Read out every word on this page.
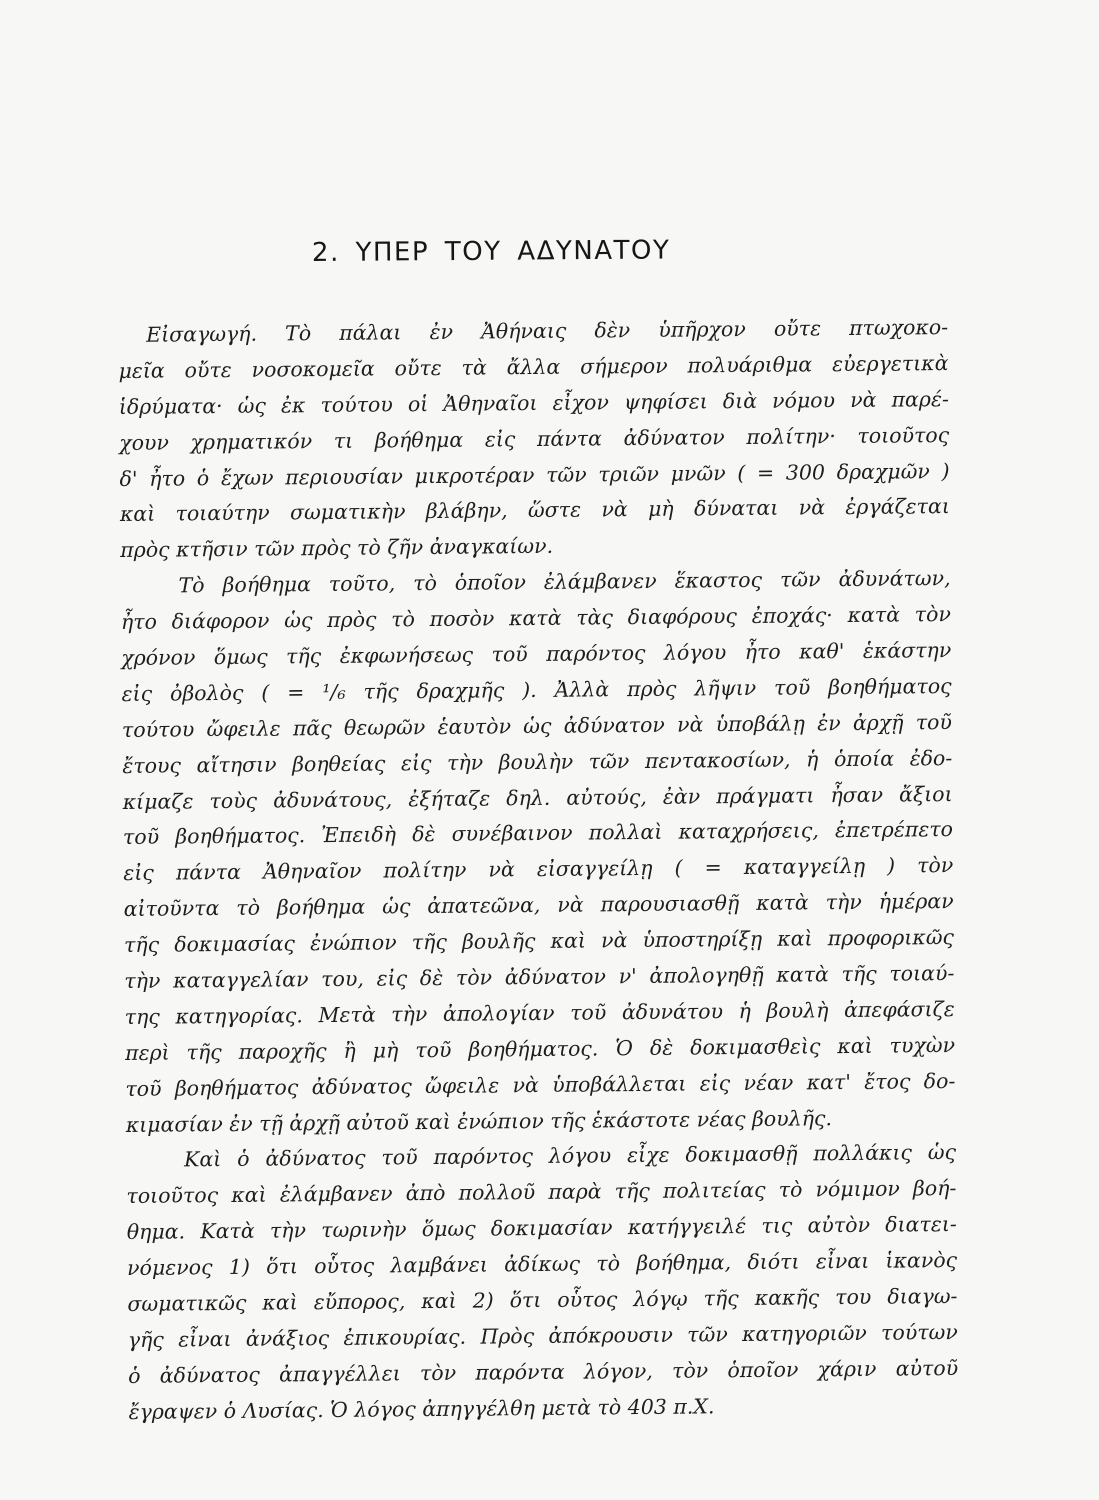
2. ΥΠΕΡ ΤΟΥ ΑΔΥΝΑΤΟΥ
Εἰσαγωγή. Τὸ πάλαι ἐν Ἀθήναις δὲν ὑπῆρχον οὔτε πτωχοκο-
μεῖα οὔτε νοσοκομεῖα οὔτε τὰ ἄλλα σήμερον πολυάριθμα εὐεργετικὰ
ἱδρύματα· ὡς ἐκ τούτου οἱ Ἀθηναῖοι εἶχον ψηφίσει διὰ νόμου νὰ παρέ-
χουν χρηματικόν τι βοήθημα εἰς πάντα ἀδύνατον πολίτην· τοιοῦτος
δ' ἦτο ὁ ἔχων περιουσίαν μικροτέραν τῶν τριῶν μνῶν ( = 300 δραχμῶν )
καὶ τοιαύτην σωματικὴν βλάβην, ὥστε νὰ μὴ δύναται νὰ ἐργάζεται
πρὸς κτῆσιν τῶν πρὸς τὸ ζῆν ἀναγκαίων.
Τὸ βοήθημα τοῦτο, τὸ ὁποῖον ἐλάμβανεν ἕκαστος τῶν ἀδυνάτων,
ἦτο διάφορον ὡς πρὸς τὸ ποσὸν κατὰ τὰς διαφόρους ἐποχάς· κατὰ τὸν
χρόνον ὅμως τῆς ἐκφωνήσεως τοῦ παρόντος λόγου ἦτο καθ' ἑκάστην
εἰς ὀβολὸς ( = ¹/₆ τῆς δραχμῆς ). Ἀλλὰ πρὸς λῆψιν τοῦ βοηθήματος
τούτου ὤφειλε πᾶς θεωρῶν ἑαυτὸν ὡς ἀδύνατον νὰ ὑποβάλῃ ἐν ἀρχῇ τοῦ
ἔτους αἴτησιν βοηθείας εἰς τὴν βουλὴν τῶν πεντακοσίων, ἡ ὁποία ἐδο-
κίμαζε τοὺς ἀδυνάτους, ἐξήταζε δηλ. αὐτούς, ἐὰν πράγματι ἦσαν ἄξιοι
τοῦ βοηθήματος. Ἐπειδὴ δὲ συνέβαινον πολλαὶ καταχρήσεις, ἐπετρέπετο
εἰς πάντα Ἀθηναῖον πολίτην νὰ εἰσαγγείλῃ ( = καταγγείλῃ ) τὸν
αἰτοῦντα τὸ βοήθημα ὡς ἀπατεῶνα, νὰ παρουσιασθῇ κατὰ τὴν ἡμέραν
τῆς δοκιμασίας ἐνώπιον τῆς βουλῆς καὶ νὰ ὑποστηρίξῃ καὶ προφορικῶς
τὴν καταγγελίαν του, εἰς δὲ τὸν ἀδύνατον ν' ἀπολογηθῇ κατὰ τῆς τοιαύ-
της κατηγορίας. Μετὰ τὴν ἀπολογίαν τοῦ ἀδυνάτου ἡ βουλὴ ἀπεφάσιζε
περὶ τῆς παροχῆς ἢ μὴ τοῦ βοηθήματος. Ὁ δὲ δοκιμασθεὶς καὶ τυχὼν
τοῦ βοηθήματος ἀδύνατος ὤφειλε νὰ ὑποβάλλεται εἰς νέαν κατ' ἔτος δο-
κιμασίαν ἐν τῇ ἀρχῇ αὐτοῦ καὶ ἐνώπιον τῆς ἑκάστοτε νέας βουλῆς.
Καὶ ὁ ἀδύνατος τοῦ παρόντος λόγου εἶχε δοκιμασθῇ πολλάκις ὡς
τοιοῦτος καὶ ἐλάμβανεν ἀπὸ πολλοῦ παρὰ τῆς πολιτείας τὸ νόμιμον βοή-
θημα. Κατὰ τὴν τωρινὴν ὅμως δοκιμασίαν κατήγγειλέ τις αὐτὸν διατει-
νόμενος 1) ὅτι οὗτος λαμβάνει ἀδίκως τὸ βοήθημα, διότι εἶναι ἱκανὸς
σωματικῶς καὶ εὔπορος, καὶ 2) ὅτι οὗτος λόγῳ τῆς κακῆς του διαγω-
γῆς εἶναι ἀνάξιος ἐπικουρίας. Πρὸς ἀπόκρουσιν τῶν κατηγοριῶν τούτων
ὁ ἀδύνατος ἀπαγγέλλει τὸν παρόντα λόγον, τὸν ὁποῖον χάριν αὐτοῦ
ἔγραψεν ὁ Λυσίας. Ὁ λόγος ἀπηγγέλθη μετὰ τὸ 403 π.Χ.
